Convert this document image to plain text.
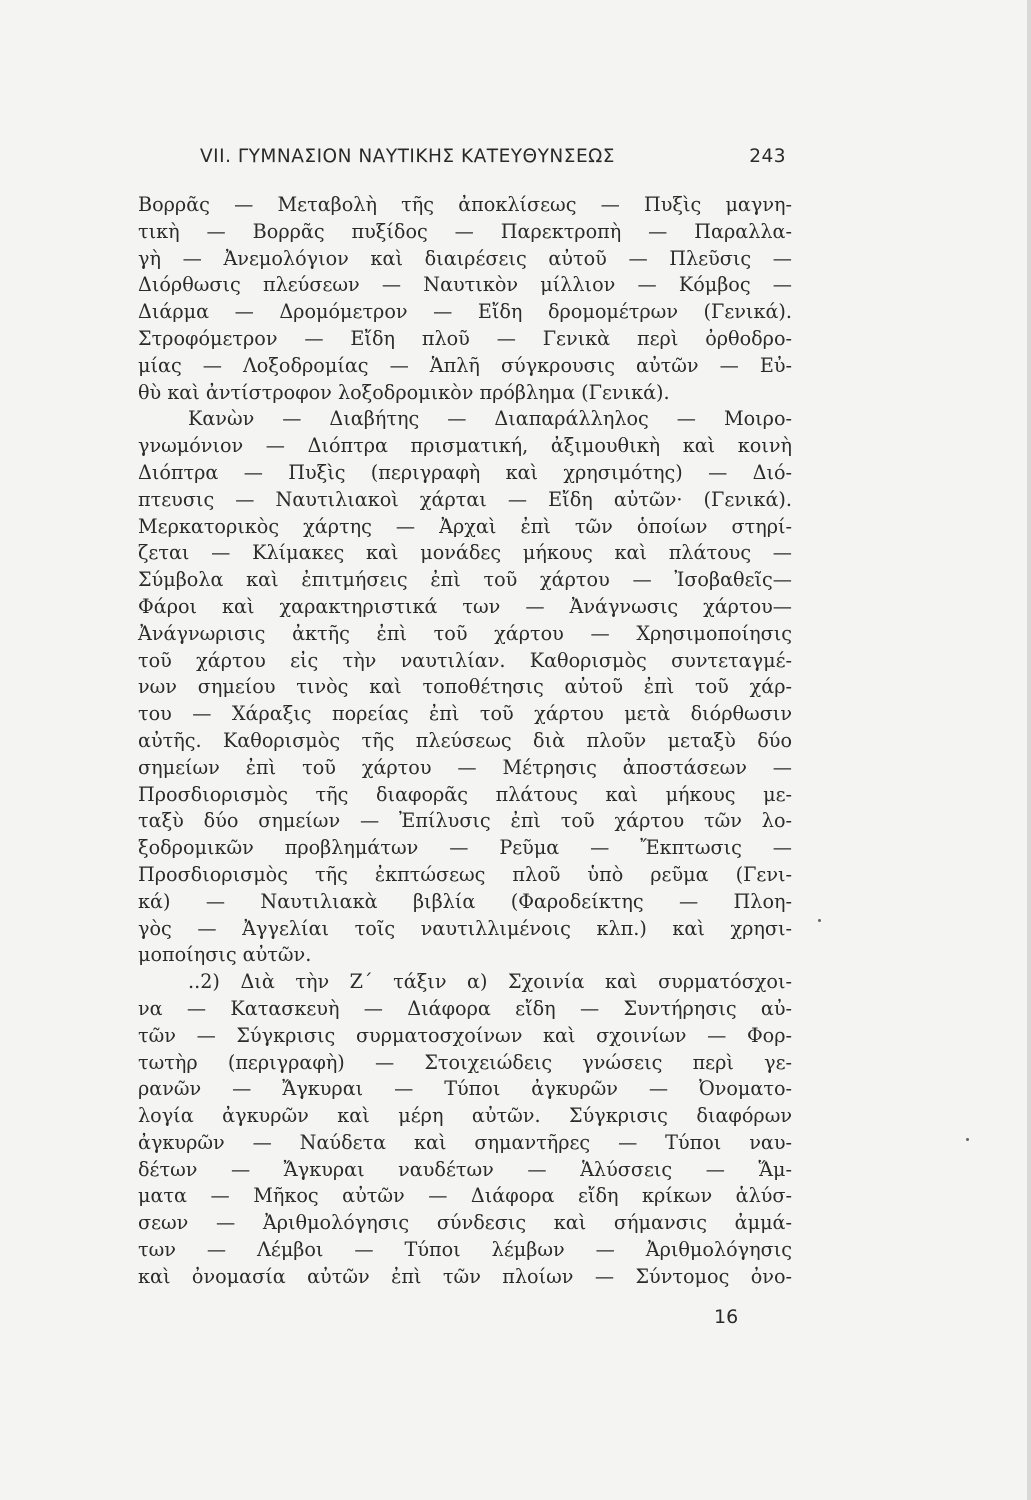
VII. ΓΥΜΝΑΣΙΟΝ ΝΑΥΤΙΚΗΣ ΚΑΤΕΥΘΥΝΣΕΩΣ	243
Βορρᾶς — Μεταβολὴ τῆς ἀποκλίσεως — Πυξὶς μαγνη-
τικὴ — Βορρᾶς πυξίδος — Παρεκτροπὴ — Παραλλα-
γὴ — Ἀνεμολόγιον καὶ διαιρέσεις αὐτοῦ — Πλεῦσις —
Διόρθωσις πλεύσεων — Ναυτικὸν μίλλιον — Κόμβος —
Διάρμα — Δρομόμετρον — Εἴδη δρομομέτρων (Γενικά).
Στροφόμετρον — Εἴδη πλοῦ — Γενικὰ περὶ ὀρθοδρο-
μίας — Λοξοδρομίας — Ἁπλῆ σύγκρουσις αὐτῶν — Εὐ-
θὺ καὶ ἀντίστροφον λοξοδρομικὸν πρόβλημα (Γενικά).
Κανὼν — Διαβήτης — Διαπαράλληλος — Μοιρο-
γνωμόνιον — Διόπτρα πρισματική, ἀξιμουθικὴ καὶ κοινὴ
Διόπτρα — Πυξὶς (περιγραφὴ καὶ χρησιμότης) — Διό-
πτευσις — Ναυτιλιακοὶ χάρται — Εἴδη αὐτῶν· (Γενικά).
Μερκατορικὸς χάρτης — Ἀρχαὶ ἐπὶ τῶν ὁποίων στηρί-
ζεται — Κλίμακες καὶ μονάδες μήκους καὶ πλάτους —
Σύμβολα καὶ ἐπιτμήσεις ἐπὶ τοῦ χάρτου — Ἰσοβαθεῖς—
Φάροι καὶ χαρακτηριστικά των — Ἀνάγνωσις χάρτου—
Ἀνάγνωρισις ἀκτῆς ἐπὶ τοῦ χάρτου — Χρησιμοποίησις
τοῦ χάρτου εἰς τὴν ναυτιλίαν. Καθορισμὸς συντεταγμέ-
νων σημείου τινὸς καὶ τοποθέτησις αὐτοῦ ἐπὶ τοῦ χάρ-
του — Χάραξις πορείας ἐπὶ τοῦ χάρτου μετὰ διόρθωσιν
αὐτῆς. Καθορισμὸς τῆς πλεύσεως διὰ πλοῦν μεταξὺ δύο
σημείων ἐπὶ τοῦ χάρτου — Μέτρησις ἀποστάσεων —
Προσδιορισμὸς τῆς διαφορᾶς πλάτους καὶ μήκους με-
ταξὺ δύο σημείων — Ἐπίλυσις ἐπὶ τοῦ χάρτου τῶν λο-
ξοδρομικῶν προβλημάτων — Ρεῦμα — Ἔκπτωσις —
Προσδιορισμὸς τῆς ἐκπτώσεως πλοῦ ὑπὸ ρεῦμα (Γενι-
κά) — Ναυτιλιακὰ βιβλία (Φαροδείκτης — Πλοη-
γὸς — Ἀγγελίαι τοῖς ναυτιλλιμένοις κλπ.) καὶ χρησι-
μοποίησις αὐτῶν.
..2) Διὰ τὴν Ζ΄ τάξιν α) Σχοινία καὶ συρματόσχοι-
να — Κατασκευὴ — Διάφορα εἴδη — Συντήρησις αὐ-
τῶν — Σύγκρισις συρματοσχοίνων καὶ σχοινίων — Φορ-
τωτὴρ (περιγραφὴ) — Στοιχειώδεις γνώσεις περὶ γε-
ρανῶν — Ἄγκυραι — Τύποι ἀγκυρῶν — Ὀνοματο-
λογία ἀγκυρῶν καὶ μέρη αὐτῶν. Σύγκρισις διαφόρων
ἀγκυρῶν — Ναύδετα καὶ σημαντῆρες — Τύποι ναυ-
δέτων — Ἄγκυραι ναυδέτων — Ἁλύσσεις — Ἅμ-
ματα — Μῆκος αὐτῶν — Διάφορα εἴδη κρίκων ἁλύσ-
σεων — Ἀριθμολόγησις σύνδεσις καὶ σήμανσις ἀμμά-
των — Λέμβοι — Τύποι λέμβων — Ἀριθμολόγησις
καὶ ὀνομασία αὐτῶν ἐπὶ τῶν πλοίων — Σύντομος ὀνο-
16
